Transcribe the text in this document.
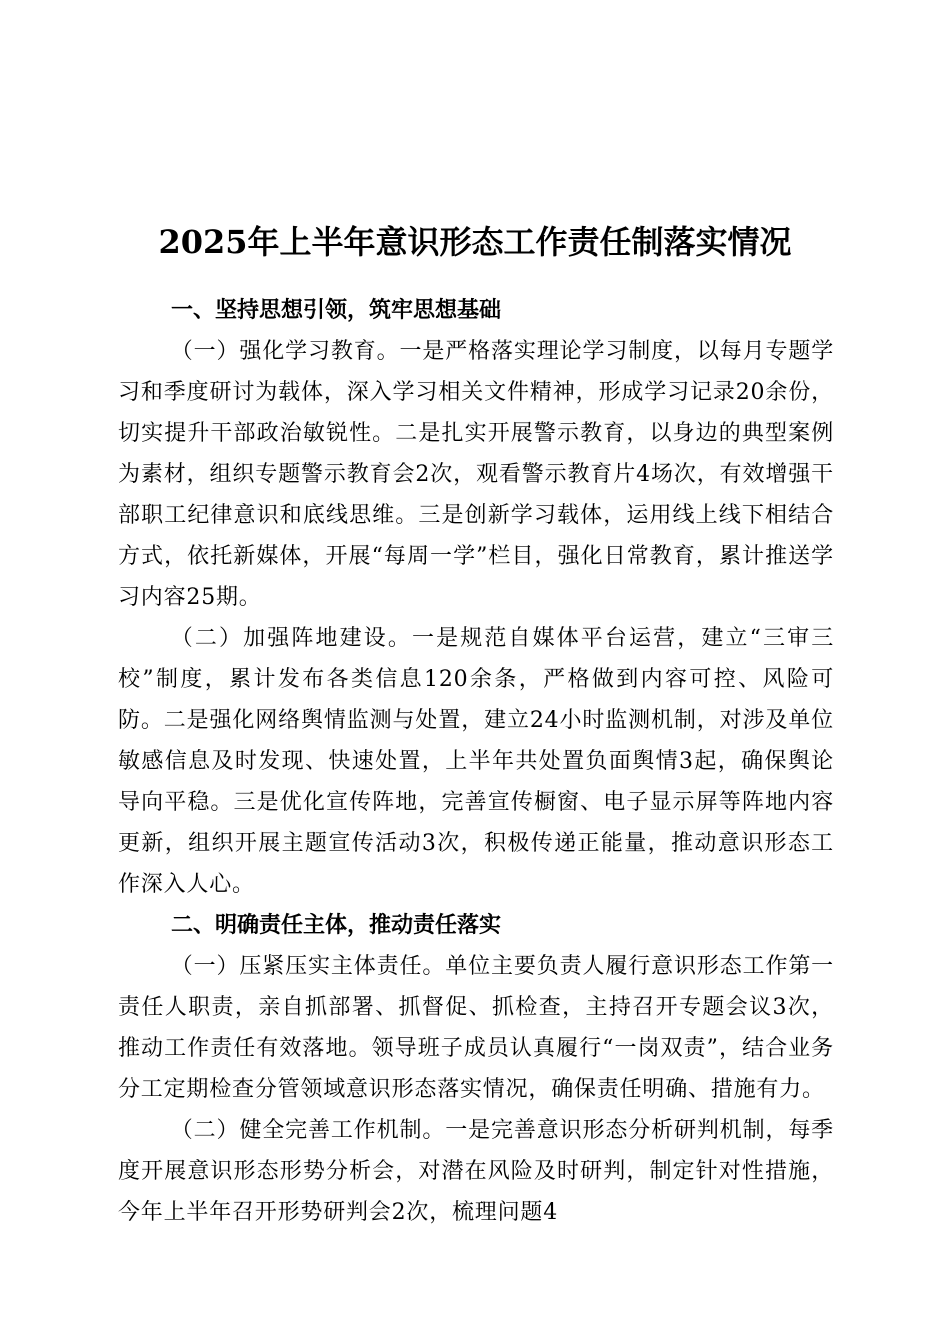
2025年上半年意识形态工作责任制落实情况
一、坚持思想引领，筑牢思想基础

（一）强化学习教育。一是严格落实理论学习制度，以每月专题学习和季度研讨为载体，深入学习相关文件精神，形成学习记录20余份，切实提升干部政治敏锐性。二是扎实开展警示教育，以身边的典型案例为素材，组织专题警示教育会2次，观看警示教育片4场次，有效增强干部职工纪律意识和底线思维。三是创新学习载体，运用线上线下相结合方式，依托新媒体，开展“每周一学”栏目，强化日常教育，累计推送学习内容25期。

（二）加强阵地建设。一是规范自媒体平台运营，建立“三审三校”制度，累计发布各类信息120余条，严格做到内容可控、风险可防。二是强化网络舆情监测与处置，建立24小时监测机制，对涉及单位敏感信息及时发现、快速处置，上半年共处置负面舆情3起，确保舆论导向平稳。三是优化宣传阵地，完善宣传橱窗、电子显示屏等阵地内容更新，组织开展主题宣传活动3次，积极传递正能量，推动意识形态工作深入人心。

二、明确责任主体，推动责任落实

（一）压紧压实主体责任。单位主要负责人履行意识形态工作第一责任人职责，亲自抓部署、抓督促、抓检查，主持召开专题会议3次，推动工作责任有效落地。领导班子成员认真履行“一岗双责”，结合业务分工定期检查分管领域意识形态落实情况，确保责任明确、措施有力。

（二）健全完善工作机制。一是完善意识形态分析研判机制，每季度开展意识形态形势分析会，对潜在风险及时研判，制定针对性措施，今年上半年召开形势研判会2次，梳理问题4
